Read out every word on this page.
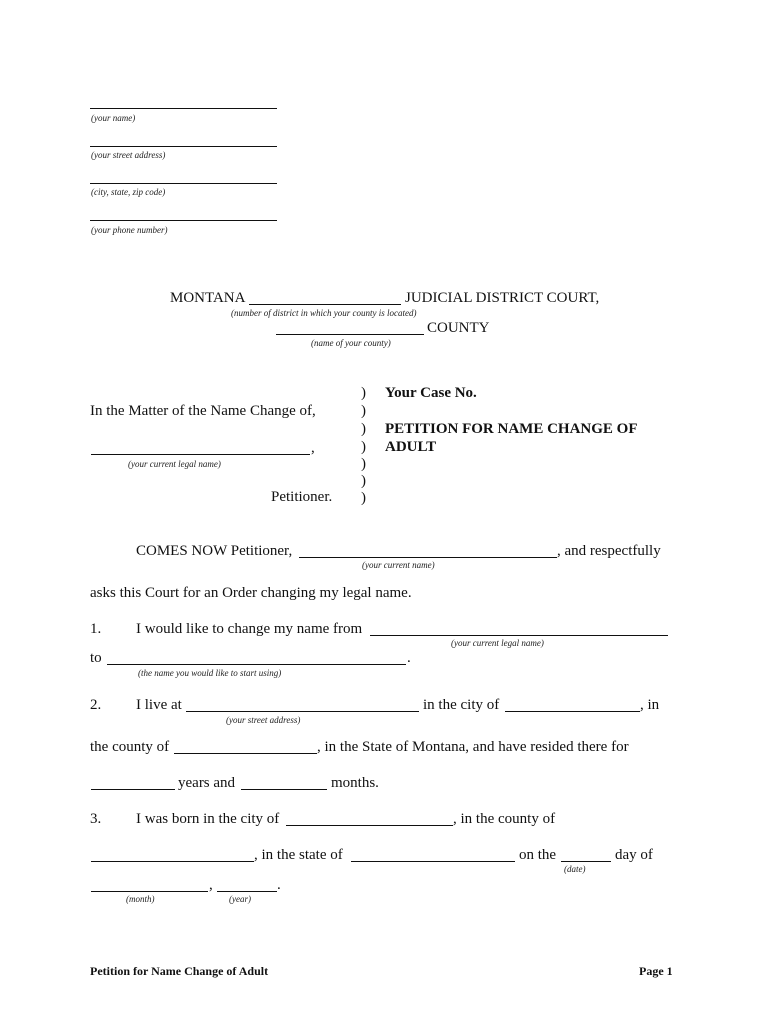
(your name)
(your street address)
(city, state, zip code)
(your phone number)
MONTANA	JUDICIAL DISTRICT COURT,
(number of district in which your county is located)
COUNTY
(name of your county)
In the Matter of the Name Change of,
,
(your current legal name)
Petitioner.
)
)
)
)
)
)
)
Your Case No.
PETITION FOR NAME CHANGE OF
ADULT
COMES NOW Petitioner,	, and respectfully
(your current name)
asks this Court for an Order changing my legal name.
1. I would like to change my name from
(your current legal name)
to	.
(the name you would like to start using)
2. I live at	in the city of	, in
(your street address)
the county of	, in the State of Montana, and have resided there for
years and	months.
3. I was born in the city of	, in the county of
, in the state of	on the	day of
(date)
,	.
(month)	(year)
Petition for Name Change of Adult	Page 1
